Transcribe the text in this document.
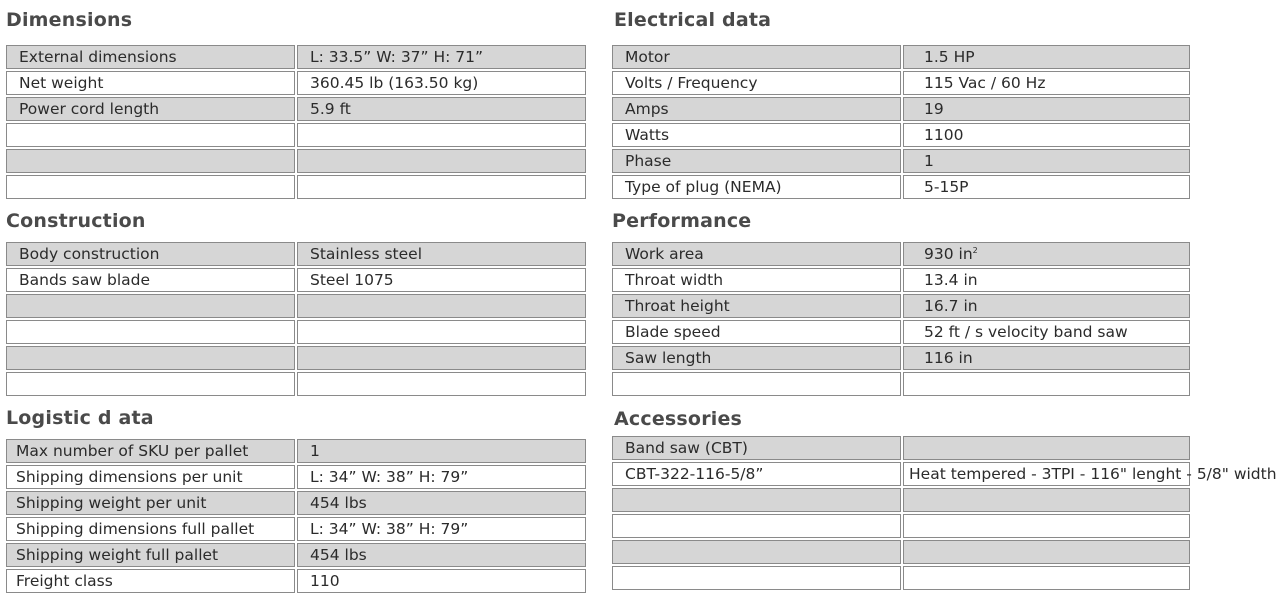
Dimensions
External dimensions	L: 33.5” W: 37” H: 71”
Net weight	360.45 lb (163.50 kg)
Power cord length	5.9 ft

Construction
Body construction	Stainless steel
Bands saw blade	Steel 1075

Logistic d ata
Max number of SKU per pallet	1
Shipping dimensions per unit	L: 34” W: 38” H: 79”
Shipping weight per unit	454 lbs
Shipping dimensions full pallet	L: 34” W: 38” H: 79”
Shipping weight full pallet	454 lbs
Freight class	110
Electrical data
Motor	1.5 HP
Volts / Frequency	115 Vac / 60 Hz
Amps	19
Watts	1100
Phase	1
Type of plug (NEMA)	5-15P
Performance
Work area	930 $in^2$
Throat width	13.4 in
Throat height	16.7 in
Blade speed	52 ft / s velocity band saw
Saw length	116 in

Accessories
Band saw (CBT)	
CBT-322-116-5/8”	Heat tempered - 3TPI - 116" lenght - 5/8" width
